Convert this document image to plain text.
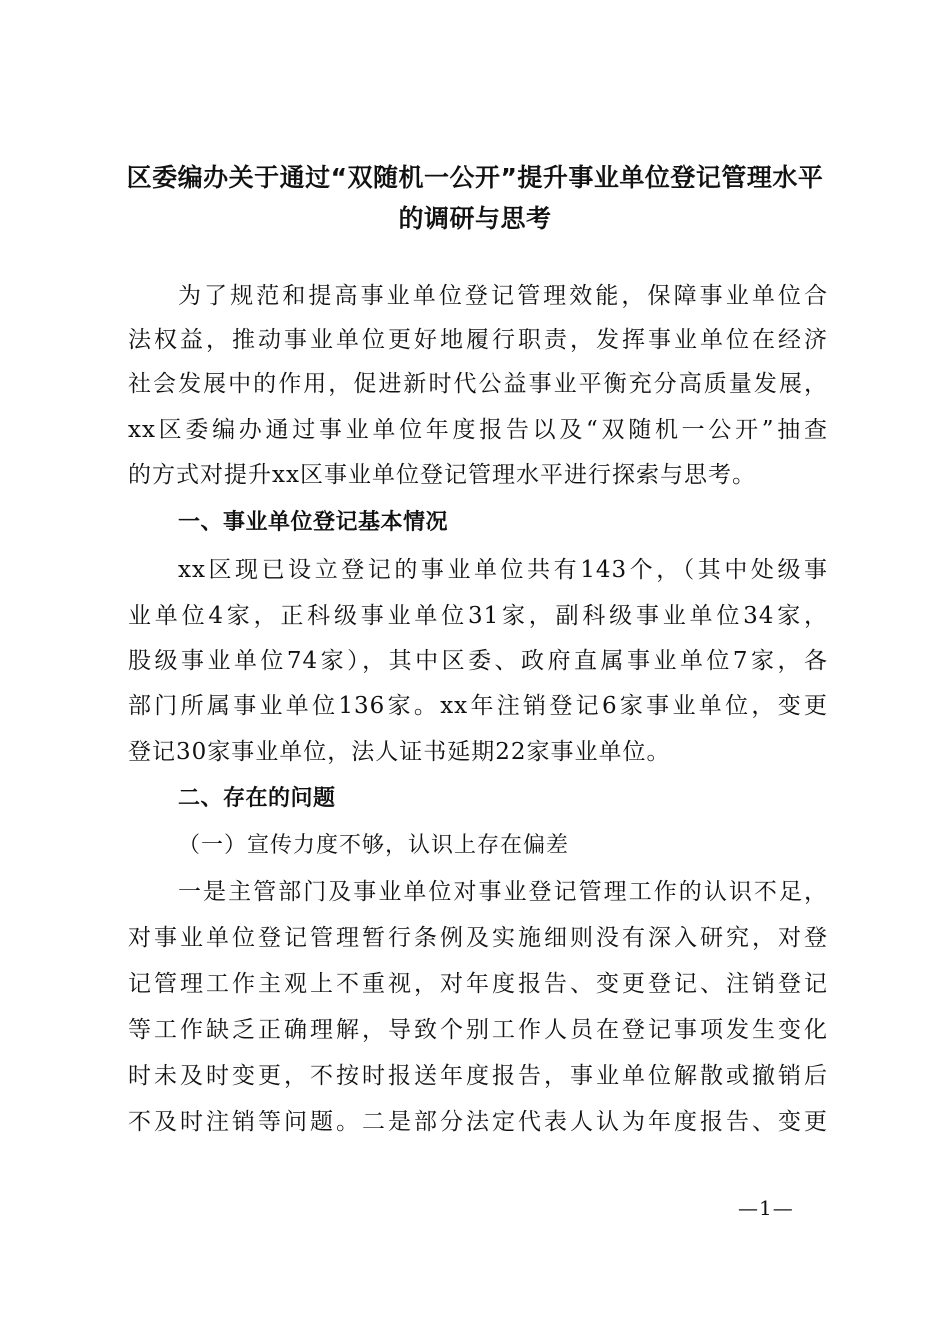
区委编办关于通过“双随机一公开”提升事业单位登记管理水平
的调研与思考
为了规范和提高事业单位登记管理效能，保障事业单位合
法权益，推动事业单位更好地履行职责，发挥事业单位在经济
社会发展中的作用，促进新时代公益事业平衡充分高质量发展，
xx区委编办通过事业单位年度报告以及“双随机一公开”抽查
的方式对提升xx区事业单位登记管理水平进行探索与思考。
一、事业单位登记基本情况
xx区现已设立登记的事业单位共有143个，（其中处级事
业单位4家，正科级事业单位31家，副科级事业单位34家，
股级事业单位74家），其中区委、政府直属事业单位7家，各
部门所属事业单位136家。xx年注销登记6家事业单位，变更
登记30家事业单位，法人证书延期22家事业单位。
二、存在的问题
（一）宣传力度不够，认识上存在偏差
一是主管部门及事业单位对事业登记管理工作的认识不足，
对事业单位登记管理暂行条例及实施细则没有深入研究，对登
记管理工作主观上不重视，对年度报告、变更登记、注销登记
等工作缺乏正确理解，导致个别工作人员在登记事项发生变化
时未及时变更，不按时报送年度报告，事业单位解散或撤销后
不及时注销等问题。二是部分法定代表人认为年度报告、变更
—1—
